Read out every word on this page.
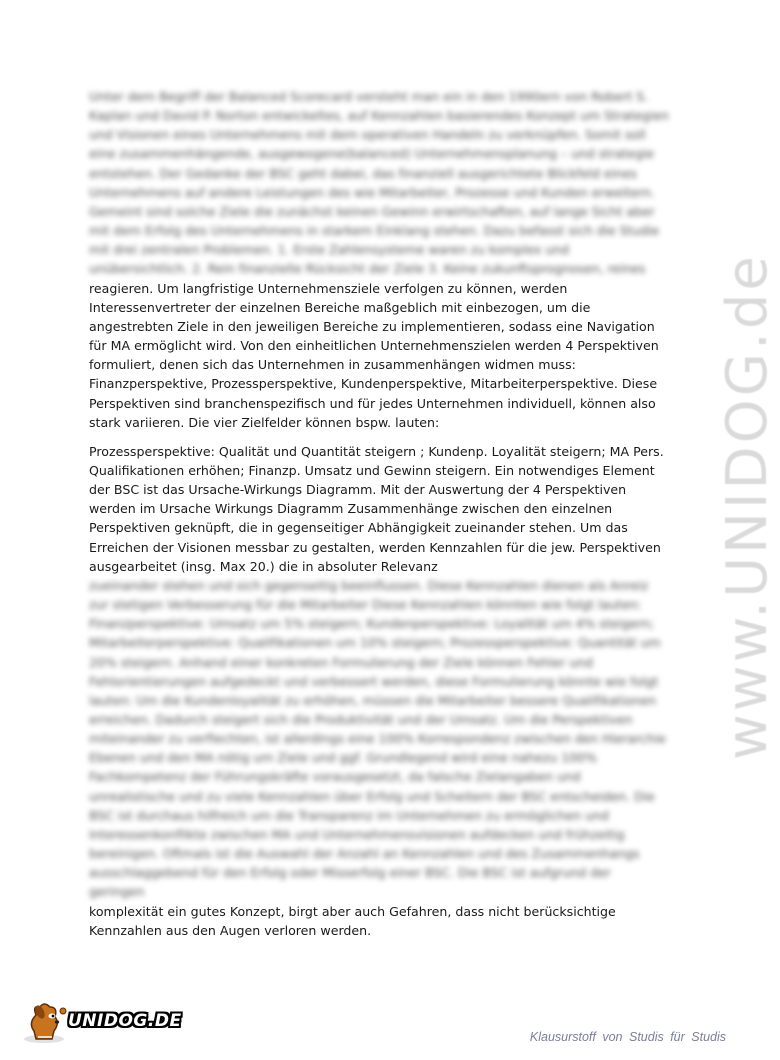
Unter dem Begriff der Balanced Scorecard versteht man ein in den 1990ern von Robert S. Kaplan und David P. Norton entwickeltes, auf Kennzahlen basierendes Konzept um Strategien und Visionen eines Unternehmens mit dem operativen Handeln zu verknüpfen. Somit soll eine zusammenhängende, ausgewogene(balanced) Unternehmensplanung – und strategie entstehen. Der Gedanke der BSC geht dabei, das finanziell ausgerichtete Blickfeld eines Unternehmens auf andere Leistungen des wie Mitarbeiter, Prozesse und Kunden erweitern. Gemeint sind solche Ziele die zunächst keinen Gewinn erwirtschaften, auf lange Sicht aber mit dem Erfolg des Unternehmens in starkem Einklang stehen. Dazu befasst sich die Studie mit drei zentralen Problemen. 1. Erste Zahlensysteme waren zu komplex und unübersichtlich. 2. Rein finanzielle Rücksicht der Ziele 3. Keine zukunftsprognosen, reines

reagieren. Um langfristige Unternehmensziele verfolgen zu können, werden Interessenvertreter der einzelnen Bereiche maßgeblich mit einbezogen, um die angestrebten Ziele in den jeweiligen Bereiche zu implementieren, sodass eine Navigation für MA ermöglicht wird. Von den einheitlichen Unternehmenszielen werden 4 Perspektiven formuliert, denen sich das Unternehmen in zusammenhängen widmen muss: Finanzperspektive, Prozessperspektive, Kundenperspektive, Mitarbeiterperspektive. Diese Perspektiven sind branchenspezifisch und für jedes Unternehmen individuell, können also stark variieren. Die vier Zielfelder können bspw. lauten:

Prozessperspektive: Qualität und Quantität steigern ; Kundenp. Loyalität steigern; MA Pers. Qualifikationen erhöhen; Finanzp. Umsatz und Gewinn steigern. Ein notwendiges Element der BSC ist das Ursache-Wirkungs Diagramm. Mit der Auswertung der 4 Perspektiven werden im Ursache Wirkungs Diagramm Zusammenhänge zwischen den einzelnen Perspektiven geknüpft, die in gegenseitiger Abhängigkeit zueinander stehen. Um das Erreichen der Visionen messbar zu gestalten, werden Kennzahlen für die jew. Perspektiven ausgearbeitet (insg. Max 20.) die in absoluter Relevanz

zueinander stehen und sich gegenseitig beeinflussen. Diese Kennzahlen dienen als Anreiz zur stetigen Verbesserung für die Mitarbeiter Diese Kennzahlen könnten wie folgt lauten: Finanzperspektive: Umsatz um 5% steigern; Kundenperspektive: Loyalität um 4% steigern; Mitarbeiterperspektive: Qualifikationen um 10% steigern; Prozessperspektive: Quantität um 20% steigern. Anhand einer konkreten Formulierung der Ziele können Fehler und Fehlorientierungen aufgedeckt und verbessert werden, diese Formulierung könnte wie folgt lauten: Um die Kundenloyalität zu erhöhen, müssen die Mitarbeiter bessere Qualifikationen erreichen. Dadurch steigert sich die Produktivität und der Umsatz. Um die Perspektiven miteinander zu verflechten, ist allerdings eine 100% Korrespondenz zwischen den Hierarchie Ebenen und den MA nötig um Ziele und ggf. Grundlegend wird eine nahezu 100% Fachkompetenz der Führungskräfte vorausgesetzt, da falsche Zielangaben und unrealistische und zu viele Kennzahlen über Erfolg und Scheitern der BSC entscheiden. Die BSC ist durchaus hilfreich um die Transparenz im Unternehmen zu ermöglichen und Interessenkonflikte zwischen MA und Unternehmensvisionen aufdecken und frühzeitig bereinigen. Oftmals ist die Auswahl der Anzahl an Kennzahlen und des Zusammenhangs ausschlaggebend für den Erfolg oder Misserfolg einer BSC. Die BSC ist aufgrund der geringen

komplexität ein gutes Konzept, birgt aber auch Gefahren, dass nicht berücksichtige Kennzahlen aus den Augen verloren werden.

www.UNIDOG.de
UNIDOG.DE
Klausurstoff von Studis für Studis
